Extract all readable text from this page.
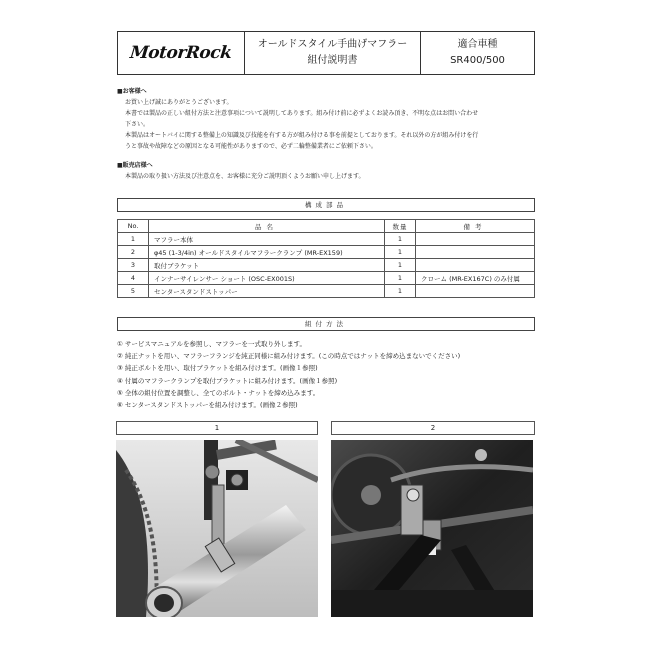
MotorRock オールドスタイル手曲げマフラー
組付説明書
適合車種
SR400/500
■お客様へ

お買い上げ誠にありがとうございます。

本書では製品の正しい組付方法と注意事項について説明してあります。組み付け前に必ずよくお読み頂き、不明な点はお問い合わせ

下さい。

本製品はオートバイに関する整備上の知識及び技能を有する方が組み付ける事を前提としております。それ以外の方が組み付けを行

うと事故や故障などの原因となる可能性がありますので、必ず二輪整備業者にご依頼下さい。

■販売店様へ

本製品の取り扱い方法及び注意点を、お客様に充分ご説明頂くようお願い申し上げます。

構成部品
No.	品名	数量	備考
1	マフラー本体	1	
2	φ45 (1-3/4in) オールドスタイルマフラークランプ (MR-EX159)	1	
3	取付ブラケット	1	
4	インナーサイレンサー ショート (OSC-EX001S)	1	クローム (MR-EX167C) のみ付属
5	センタースタンドストッパー	1	
組付方法
① サービスマニュアルを参照し、マフラーを一式取り外します。
② 純正ナットを用い、マフラーフランジを純正同様に組み付けます。(この時点ではナットを締め込まないでください)
③ 純正ボルトを用い、取付ブラケットを組み付けます。(画像１参照)
④ 付属のマフラークランプを取付ブラケットに組み付けます。(画像１参照)
⑤ 全体の組付位置を調整し、全てのボルト・ナットを締め込みます。
⑥ センタースタンドストッパーを組み付けます。(画像２参照)
1	2
